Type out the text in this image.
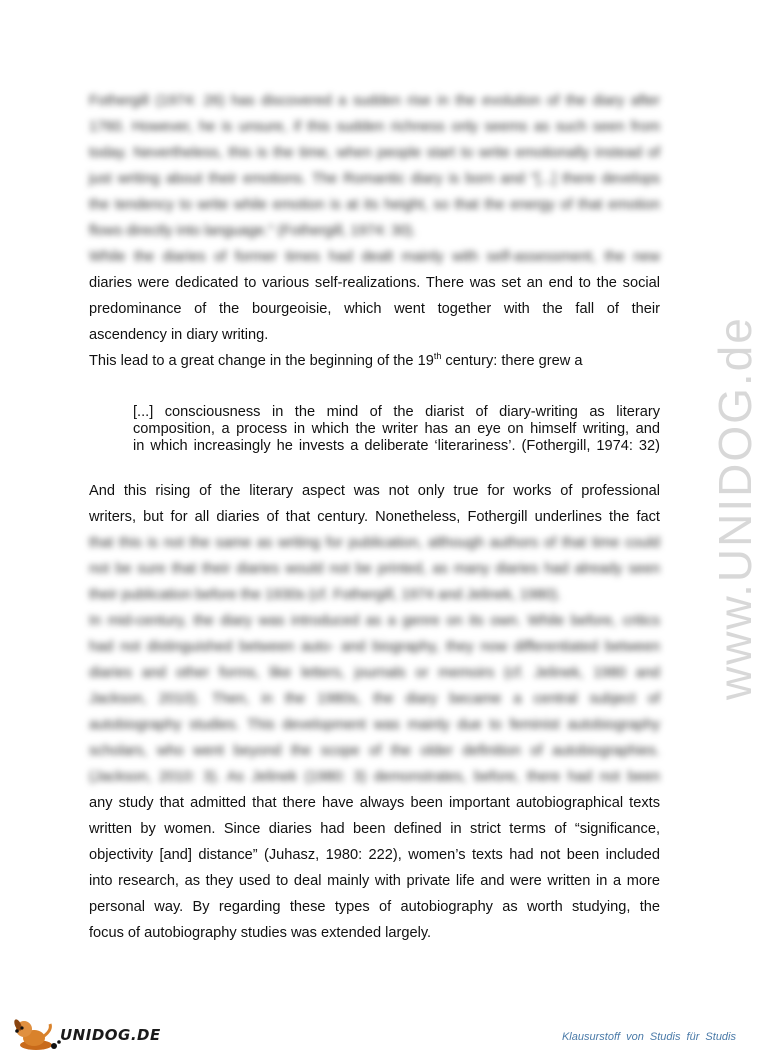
www.UNIDOG.de
Fothergill (1974: 26) has discovered a sudden rise in the evolution of the diary after
1760. However, he is unsure, if this sudden richness only seems as such seen from
today. Nevertheless, this is the time, when people start to write emotionally instead of
just writing about their emotions. The Romantic diary is born and "[...] there develops
the tendency to write while emotion is at its height, so that the energy of that emotion
flows directly into language." (Fothergill, 1974: 30).
While the diaries of former times had dealt mainly with self-assessment, the new
diaries were dedicated to various self-realizations. There was set an end to the social
predominance of the bourgeoisie, which went together with the fall of their
ascendency in diary writing.
This lead to a great change in the beginning of the 19th century: there grew a
[...] consciousness in the mind of the diarist of diary-writing as literary
composition, a process in which the writer has an eye on himself writing, and
in which increasingly he invests a deliberate ‘literariness’. (Fothergill, 1974: 32)
And this rising of the literary aspect was not only true for works of professional
writers, but for all diaries of that century. Nonetheless, Fothergill underlines the fact
that this is not the same as writing for publication, although authors of that time could
not be sure that their diaries would not be printed, as many diaries had already seen
their publication before the 1930s (cf. Fothergill, 1974 and Jelinek, 1980).
In mid-century, the diary was introduced as a genre on its own. While before, critics
had not distinguished between auto- and biography, they now differentiated between
diaries and other forms, like letters, journals or memoirs (cf. Jelinek, 1980 and
Jackson, 2010). Then, in the 1980s, the diary became a central subject of
autobiography studies. This development was mainly due to feminist autobiography
scholars, who went beyond the scope of the older definition of autobiographies.
(Jackson, 2010: 3). As Jelinek (1980: 3) demonstrates, before, there had not been
any study that admitted that there have always been important autobiographical texts
written by women. Since diaries had been defined in strict terms of “significance,
objectivity [and] distance” (Juhasz, 1980: 222), women’s texts had not been included
into research, as they used to deal mainly with private life and were written in a more
personal way. By regarding these types of autobiography as worth studying, the
focus of autobiography studies was extended largely.
UNIDOG.DE	Klausurstoff von Studis für Studis
